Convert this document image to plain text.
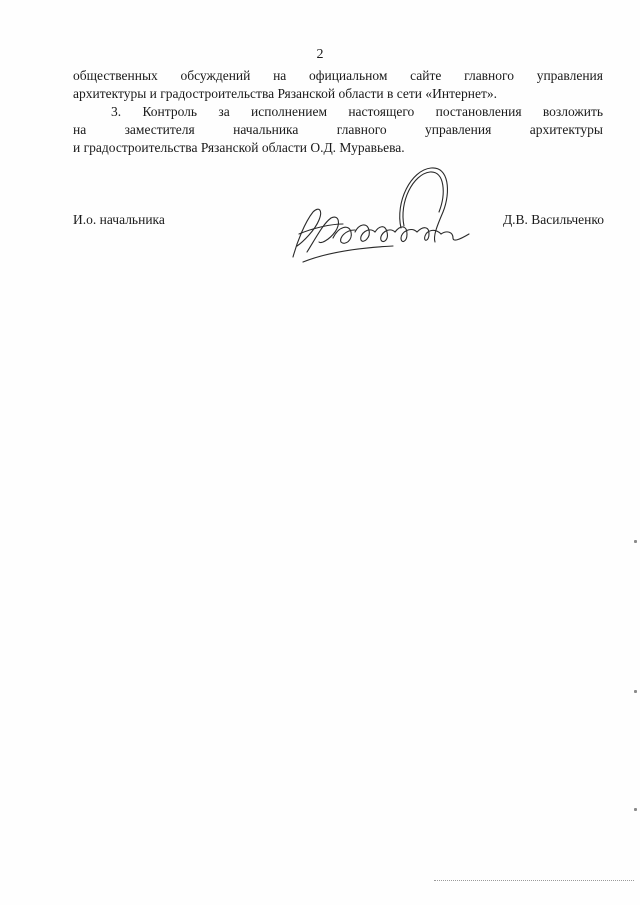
2
общественных обсуждений на официальном сайте главного управления
архитектуры и градостроительства Рязанской области в сети «Интернет».
3. Контроль за исполнением настоящего постановления возложить
на заместителя начальника главного управления архитектуры
и градостроительства Рязанской области О.Д. Муравьева.
И.о. начальника	Д.В. Васильченко
